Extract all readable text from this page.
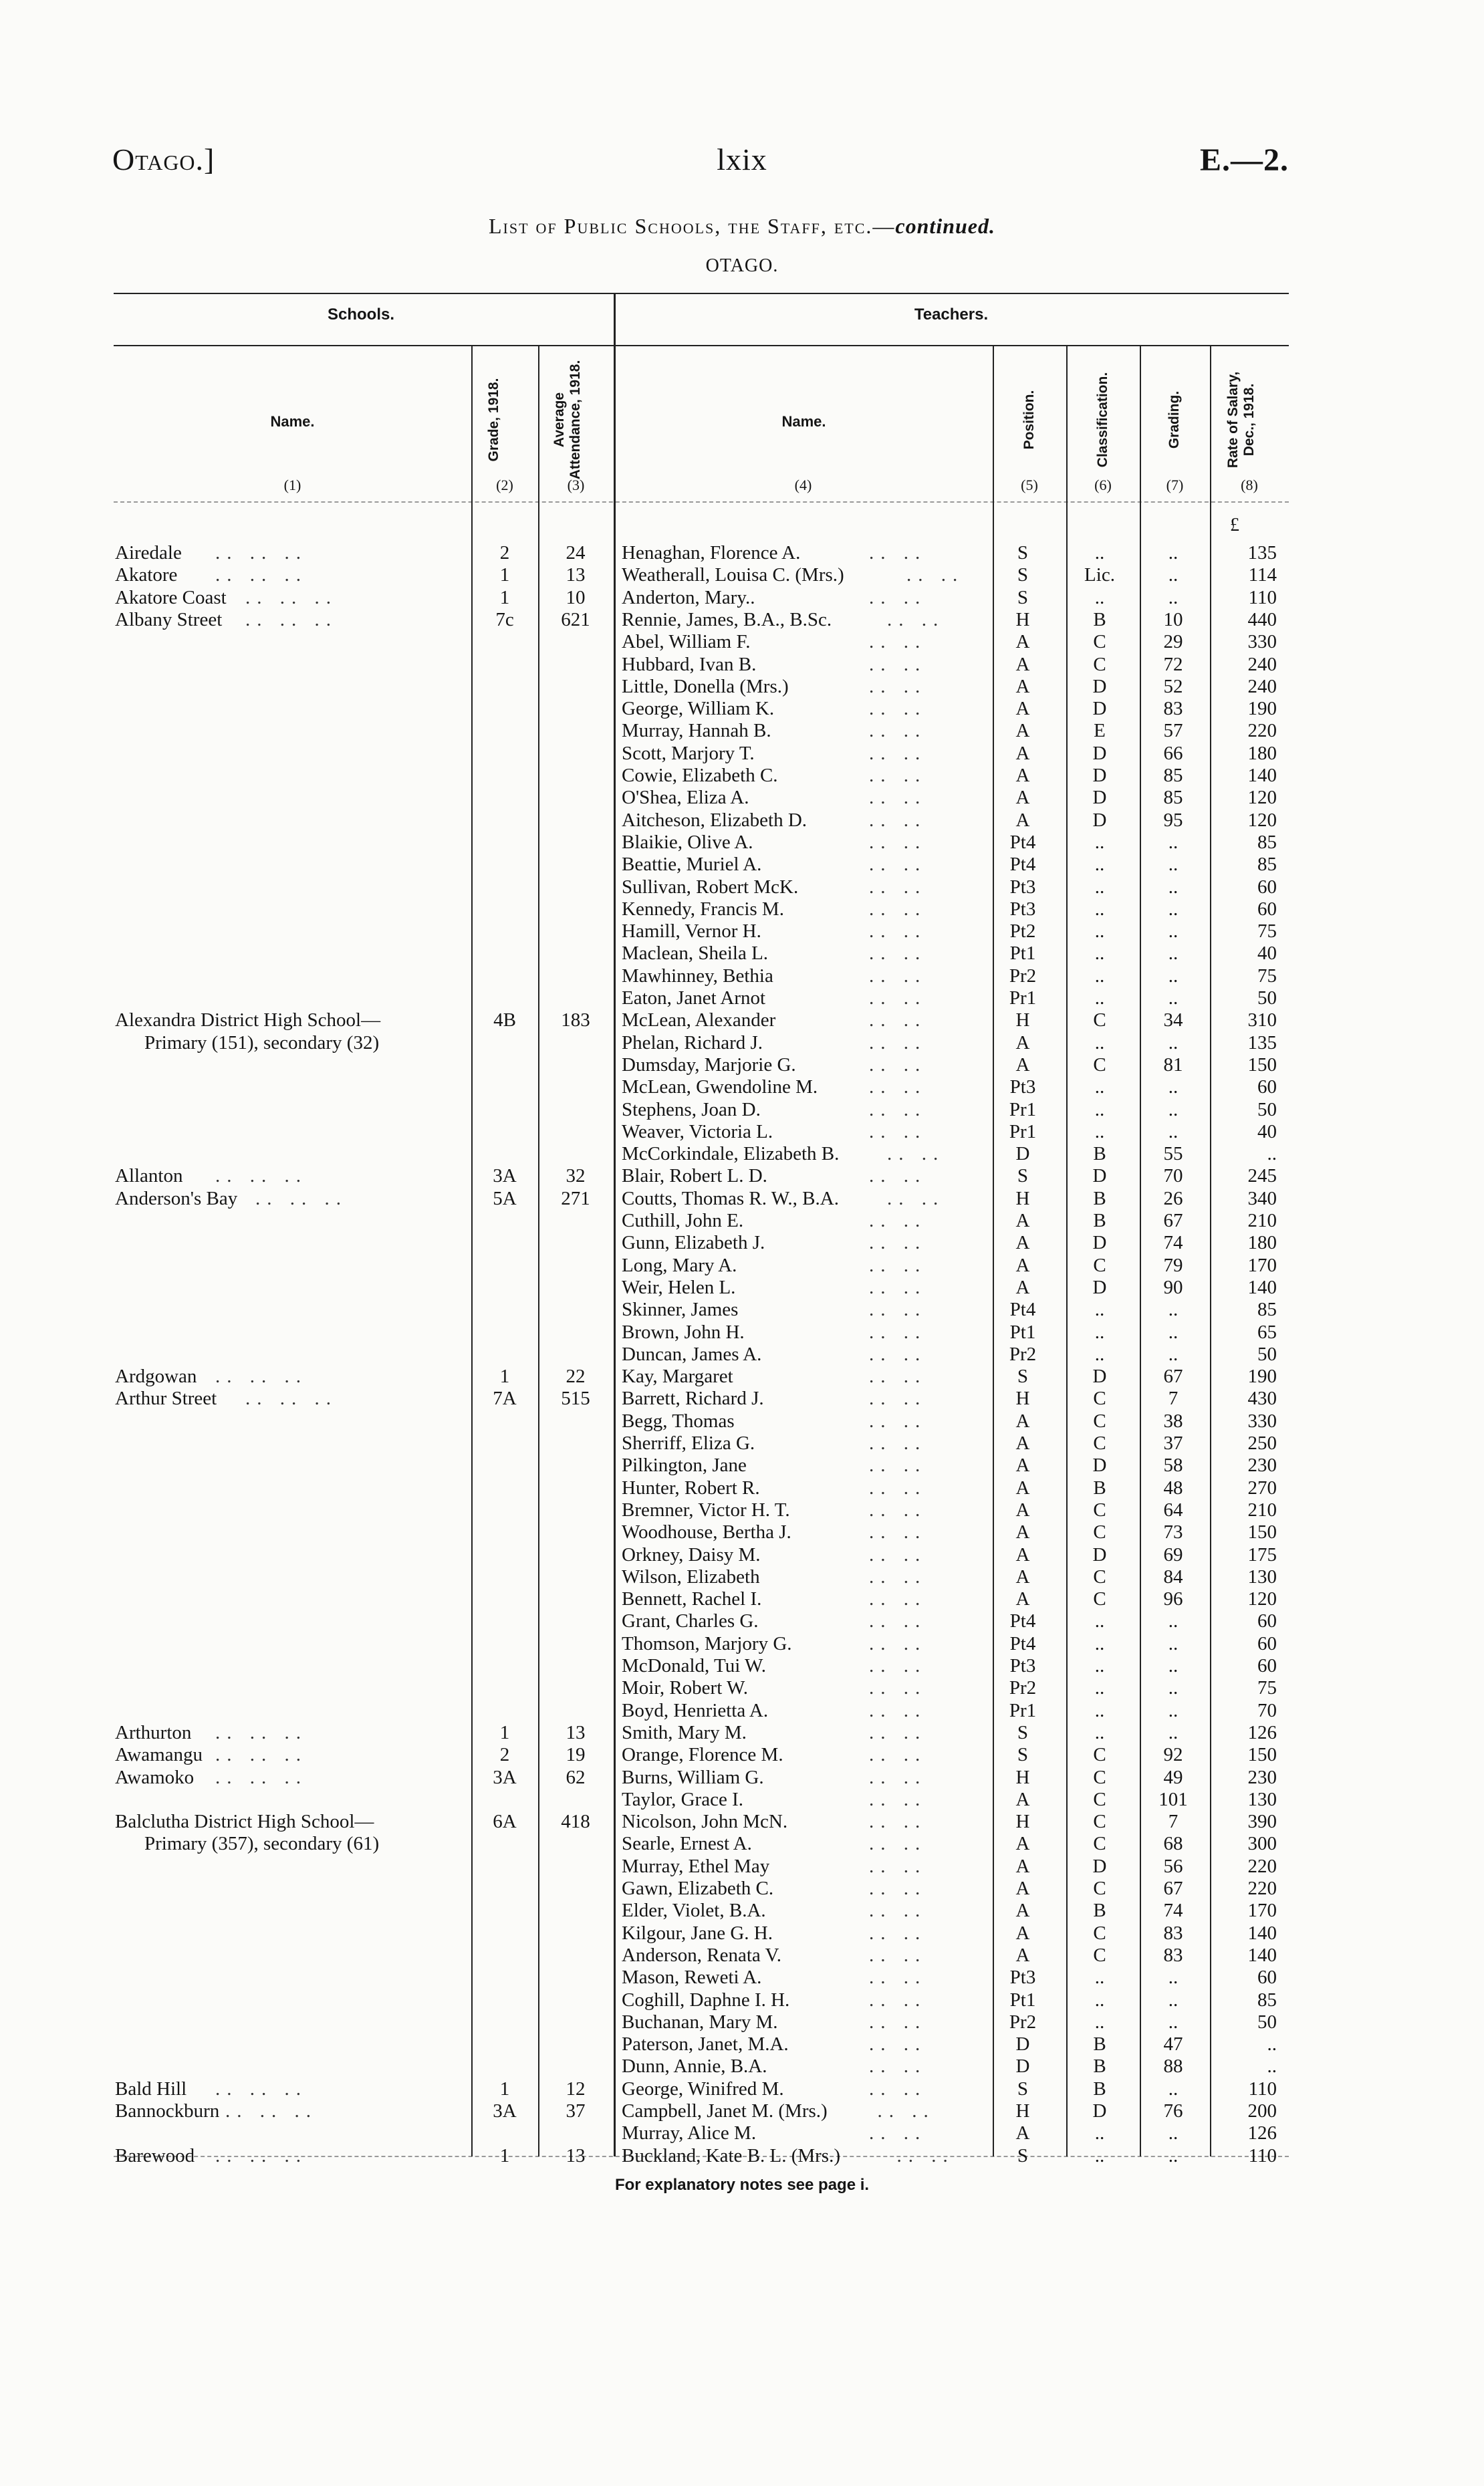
Otago.]	lxix	E.—2.
List of Public Schools, the Staff, etc.—continued.
OTAGO.
Schools.	Teachers.
Name.	Grade, 1918.	Average Attendance, 1918.	Name.	Position.	Classification.	Grading.	Rate of Salary, Dec., 1918.
(1)	(2)	(3)	(4)	(5)	(6)	(7)	(8)
£
Airedale	2	24	Henaghan, Florence A.	S	..	..	135
.. .. ..	.. ..
Akatore	1	13	Weatherall, Louisa C. (Mrs.)	S	Lic.	..	114
.. .. ..	.. ..
Akatore Coast	1	10	Anderton, Mary..	S	..	..	110
.. .. ..	.. ..
Albany Street	7c	621	Rennie, James, B.A., B.Sc.	H	B	10	440
.. .. ..	.. ..
Abel, William F.	A	C	29	330
.. ..
Hubbard, Ivan B.	A	C	72	240
.. ..
Little, Donella (Mrs.)	A	D	52	240
.. ..
George, William K.	A	D	83	190
.. ..
Murray, Hannah B.	A	E	57	220
.. ..
Scott, Marjory T.	A	D	66	180
.. ..
Cowie, Elizabeth C.	A	D	85	140
.. ..
O'Shea, Eliza A.	A	D	85	120
.. ..
Aitcheson, Elizabeth D.	A	D	95	120
.. ..
Blaikie, Olive A.	Pt4	..	..	85
.. ..
Beattie, Muriel A.	Pt4	..	..	85
.. ..
Sullivan, Robert McK.	Pt3	..	..	60
.. ..
Kennedy, Francis M.	Pt3	..	..	60
.. ..
Hamill, Vernor H.	Pt2	..	..	75
.. ..
Maclean, Sheila L.	Pt1	..	..	40
.. ..
Mawhinney, Bethia	Pr2	..	..	75
.. ..
Eaton, Janet Arnot	Pr1	..	..	50
.. ..
Alexandra District High School—	4B	183	McLean, Alexander	H	C	34	310
.. ..
Primary (151), secondary (32)	Phelan, Richard J.	A	..	..	135
.. ..
Dumsday, Marjorie G.	A	C	81	150
.. ..
McLean, Gwendoline M.	Pt3	..	..	60
.. ..
Stephens, Joan D.	Pr1	..	..	50
.. ..
Weaver, Victoria L.	Pr1	..	..	40
.. ..
McCorkindale, Elizabeth B.	D	B	55	..
.. ..
Allanton	3A	32	Blair, Robert L. D.	S	D	70	245
.. .. ..	.. ..
Anderson's Bay	5A	271	Coutts, Thomas R. W., B.A.	H	B	26	340
.. .. ..	.. ..
Cuthill, John E.	A	B	67	210
.. ..
Gunn, Elizabeth J.	A	D	74	180
.. ..
Long, Mary A.	A	C	79	170
.. ..
Weir, Helen L.	A	D	90	140
.. ..
Skinner, James	Pt4	..	..	85
.. ..
Brown, John H.	Pt1	..	..	65
.. ..
Duncan, James A.	Pr2	..	..	50
.. ..
Ardgowan	1	22	Kay, Margaret	S	D	67	190
.. .. ..	.. ..
Arthur Street	7A	515	Barrett, Richard J.	H	C	7	430
.. .. ..	.. ..
Begg, Thomas	A	C	38	330
.. ..
Sherriff, Eliza G.	A	C	37	250
.. ..
Pilkington, Jane	A	D	58	230
.. ..
Hunter, Robert R.	A	B	48	270
.. ..
Bremner, Victor H. T.	A	C	64	210
.. ..
Woodhouse, Bertha J.	A	C	73	150
.. ..
Orkney, Daisy M.	A	D	69	175
.. ..
Wilson, Elizabeth	A	C	84	130
.. ..
Bennett, Rachel I.	A	C	96	120
.. ..
Grant, Charles G.	Pt4	..	..	60
.. ..
Thomson, Marjory G.	Pt4	..	..	60
.. ..
McDonald, Tui W.	Pt3	..	..	60
.. ..
Moir, Robert W.	Pr2	..	..	75
.. ..
Boyd, Henrietta A.	Pr1	..	..	70
.. ..
Arthurton	1	13	Smith, Mary M.	S	..	..	126
.. .. ..	.. ..
Awamangu	2	19	Orange, Florence M.	S	C	92	150
.. .. ..	.. ..
Awamoko	3A	62	Burns, William G.	H	C	49	230
.. .. ..	.. ..
Taylor, Grace I.	A	C	101	130
.. ..
Balclutha District High School—	6A	418	Nicolson, John McN.	H	C	7	390
.. ..
Primary (357), secondary (61)	Searle, Ernest A.	A	C	68	300
.. ..
Murray, Ethel May	A	D	56	220
.. ..
Gawn, Elizabeth C.	A	C	67	220
.. ..
Elder, Violet, B.A.	A	B	74	170
.. ..
Kilgour, Jane G. H.	A	C	83	140
.. ..
Anderson, Renata V.	A	C	83	140
.. ..
Mason, Reweti A.	Pt3	..	..	60
.. ..
Coghill, Daphne I. H.	Pt1	..	..	85
.. ..
Buchanan, Mary M.	Pr2	..	..	50
.. ..
Paterson, Janet, M.A.	D	B	47	..
.. ..
Dunn, Annie, B.A.	D	B	88	..
.. ..
Bald Hill	1	12	George, Winifred M.	S	B	..	110
.. .. ..	.. ..
Bannockburn	3A	37	Campbell, Janet M. (Mrs.)	H	D	76	200
.. .. ..	.. ..
Murray, Alice M.	A	..	..	126
.. ..
Barewood	1	13	Buckland, Kate B. L. (Mrs.)	S	..	..	110
.. .. ..	.. ..
For explanatory notes see page i.
